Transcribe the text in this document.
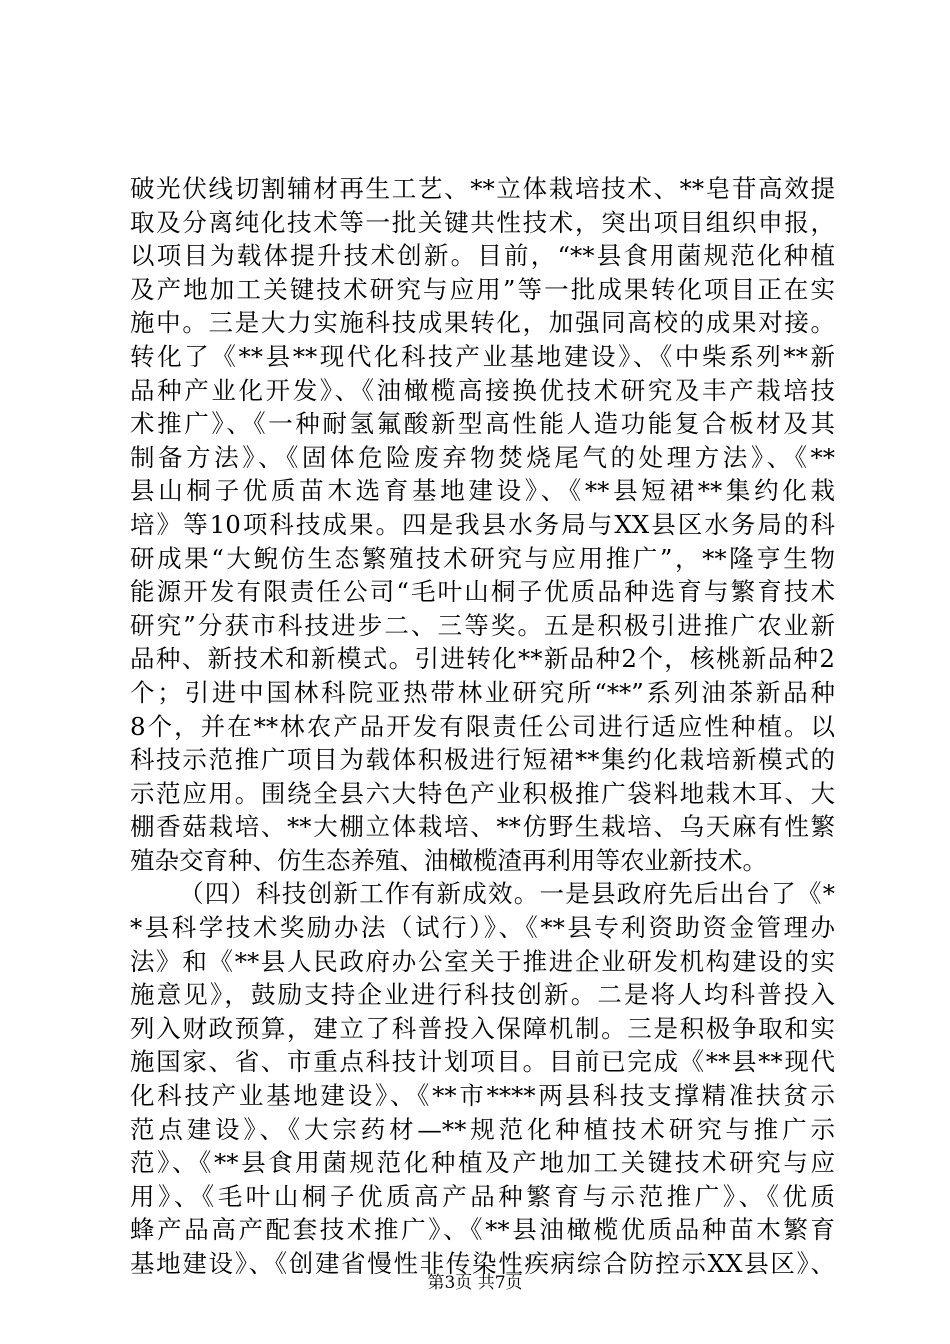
破光伏线切割辅材再生工艺、**立体栽培技术、**皂苷高效提
取及分离纯化技术等一批关键共性技术，突出项目组织申报，
以项目为载体提升技术创新。目前，“**县食用菌规范化种植
及产地加工关键技术研究与应用”等一批成果转化项目正在实
施中。三是大力实施科技成果转化，加强同高校的成果对接。
转化了《**县**现代化科技产业基地建设》、《中柴系列**新
品种产业化开发》、《油橄榄高接换优技术研究及丰产栽培技
术推广》、《一种耐氢氟酸新型高性能人造功能复合板材及其
制备方法》、《固体危险废弃物焚烧尾气的处理方法》、《**
县山桐子优质苗木选育基地建设》、《**县短裙**集约化栽
培》等10项科技成果。四是我县水务局与XX县区水务局的科
研成果“大鲵仿生态繁殖技术研究与应用推广”，**隆亨生物
能源开发有限责任公司“毛叶山桐子优质品种选育与繁育技术
研究”分获市科技进步二、三等奖。五是积极引进推广农业新
品种、新技术和新模式。引进转化**新品种2个，核桃新品种2
个；引进中国林科院亚热带林业研究所“**”系列油茶新品种
8个，并在**林农产品开发有限责任公司进行适应性种植。以
科技示范推广项目为载体积极进行短裙**集约化栽培新模式的
示范应用。围绕全县六大特色产业积极推广袋料地栽木耳、大
棚香菇栽培、**大棚立体栽培、**仿野生栽培、乌天麻有性繁
殖杂交育种、仿生态养殖、油橄榄渣再利用等农业新技术。
（四）科技创新工作有新成效。一是县政府先后出台了《*
*县科学技术奖励办法（试行）》、《**县专利资助资金管理办
法》和《**县人民政府办公室关于推进企业研发机构建设的实
施意见》，鼓励支持企业进行科技创新。二是将人均科普投入
列入财政预算，建立了科普投入保障机制。三是积极争取和实
施国家、省、市重点科技计划项目。目前已完成《**县**现代
化科技产业基地建设》、《**市****两县科技支撑精准扶贫示
范点建设》、《大宗药材—**规范化种植技术研究与推广示
范》、《**县食用菌规范化种植及产地加工关键技术研究与应
用》、《毛叶山桐子优质高产品种繁育与示范推广》、《优质
蜂产品高产配套技术推广》、《**县油橄榄优质品种苗木繁育
基地建设》、《创建省慢性非传染性疾病综合防控示XX县区》、
第3页 共7页
